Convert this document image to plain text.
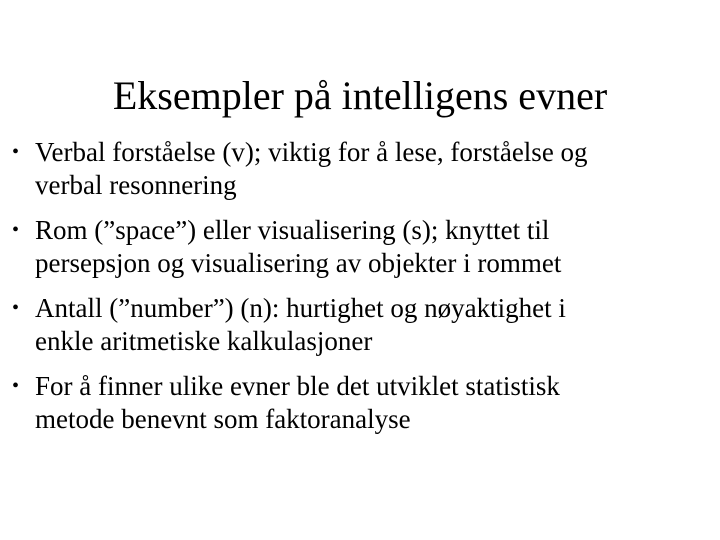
Eksempler på intelligens evner
• Verbal forståelse (v); viktig for å lese, forståelse og
verbal resonnering
• Rom (”space”) eller visualisering (s); knyttet til
persepsjon og visualisering av objekter i rommet
• Antall (”number”) (n): hurtighet og nøyaktighet i
enkle aritmetiske kalkulasjoner
• For å finner ulike evner ble det utviklet statistisk
metode benevnt som faktoranalyse
